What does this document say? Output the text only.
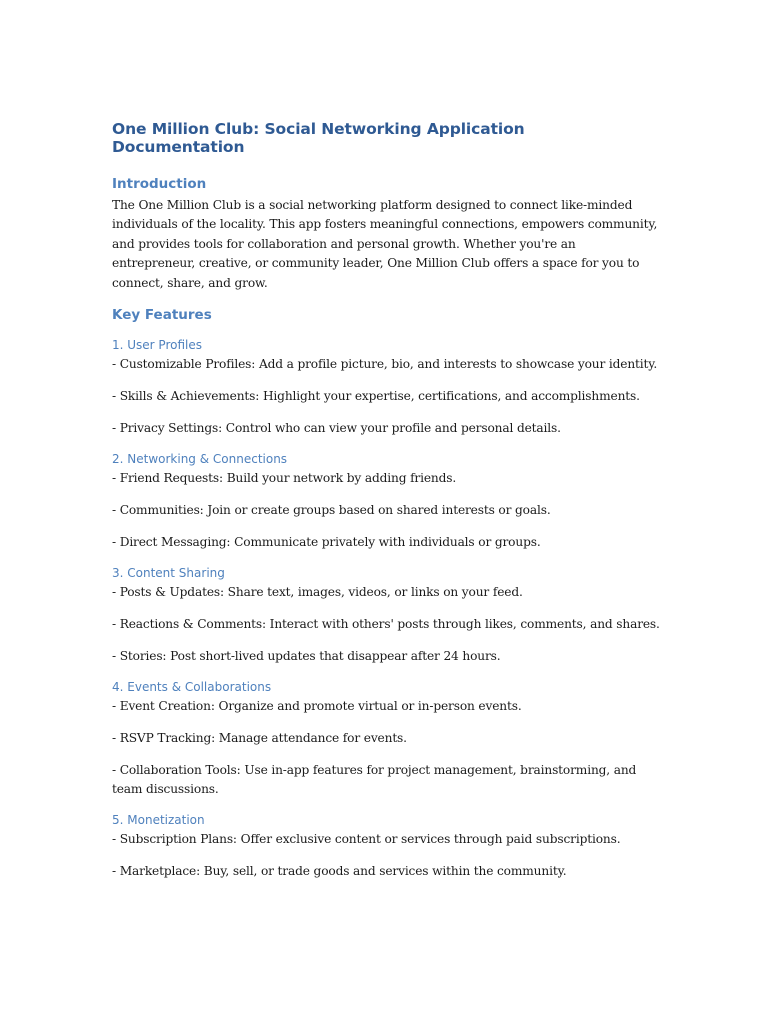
One Million Club: Social Networking Application Documentation
Introduction

The One Million Club is a social networking platform designed to connect like-minded individuals of the locality. This app fosters meaningful connections, empowers community, and provides tools for collaboration and personal growth. Whether you're an entrepreneur, creative, or community leader, One Million Club offers a space for you to connect, share, and grow.

Key Features
1. User Profiles

- Customizable Profiles: Add a profile picture, bio, and interests to showcase your identity.

- Skills & Achievements: Highlight your expertise, certifications, and accomplishments.

- Privacy Settings: Control who can view your profile and personal details.

2. Networking & Connections

- Friend Requests: Build your network by adding friends.

- Communities: Join or create groups based on shared interests or goals.

- Direct Messaging: Communicate privately with individuals or groups.

3. Content Sharing

- Posts & Updates: Share text, images, videos, or links on your feed.

- Reactions & Comments: Interact with others' posts through likes, comments, and shares.

- Stories: Post short-lived updates that disappear after 24 hours.

4. Events & Collaborations

- Event Creation: Organize and promote virtual or in-person events.

- RSVP Tracking: Manage attendance for events.

- Collaboration Tools: Use in-app features for project management, brainstorming, and team discussions.

5. Monetization

- Subscription Plans: Offer exclusive content or services through paid subscriptions.

- Marketplace: Buy, sell, or trade goods and services within the community.
